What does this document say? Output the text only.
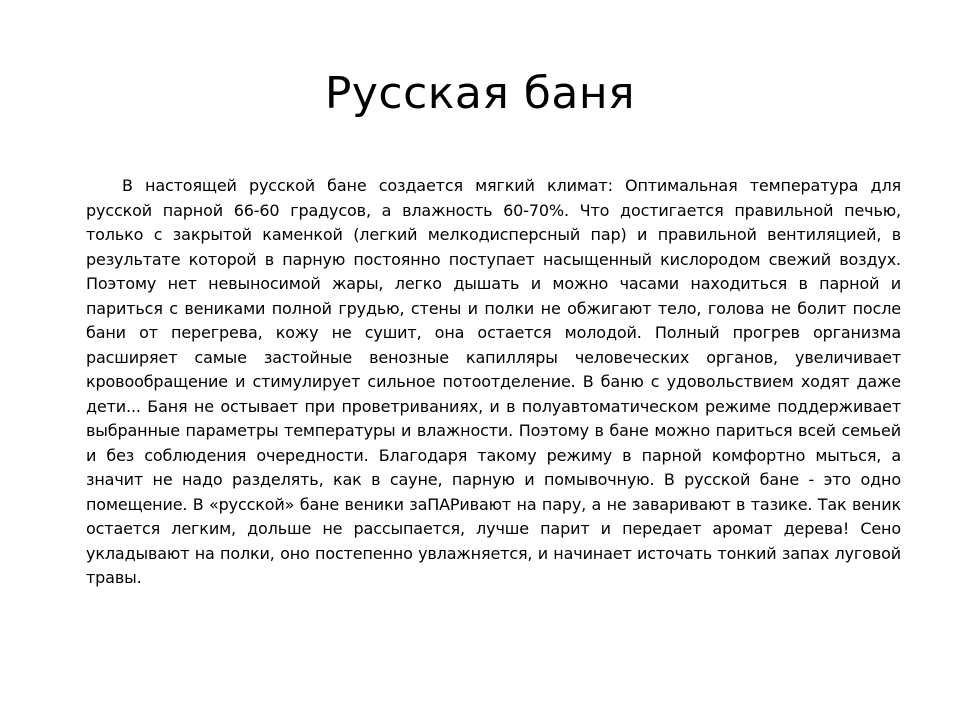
Русская баня

В настоящей русской бане создается мягкий климат: Оптимальная температура для русской парной 66-60 градусов, а влажность 60-70%. Что достигается правильной печью, только с закрытой каменкой (легкий мелкодисперсный пар) и правильной вентиляцией, в результате которой в парную постоянно поступает насыщенный кислородом свежий воздух. Поэтому нет невыносимой жары, легко дышать и можно часами находиться в парной и париться с вениками полной грудью, стены и полки не обжигают тело, голова не болит после бани от перегрева, кожу не сушит, она остается молодой. Полный прогрев организма расширяет самые застойные венозные капилляры человеческих органов, увеличивает кровообращение и стимулирует сильное потоотделение. В баню с удовольствием ходят даже дети... Баня не остывает при проветриваниях, и в полуавтоматическом режиме поддерживает выбранные параметры температуры и влажности. Поэтому в бане можно париться всей семьей и без соблюдения очередности. Благодаря такому режиму в парной комфортно мыться, а значит не надо разделять, как в сауне, парную и помывочную. В русской бане - это одно помещение. В «русской» бане веники заПАРивают на пару, а не заваривают в тазике. Так веник остается легким, дольше не рассыпается, лучше парит и передает аромат дерева! Сено укладывают на полки, оно постепенно увлажняется, и начинает источать тонкий запах луговой травы.
